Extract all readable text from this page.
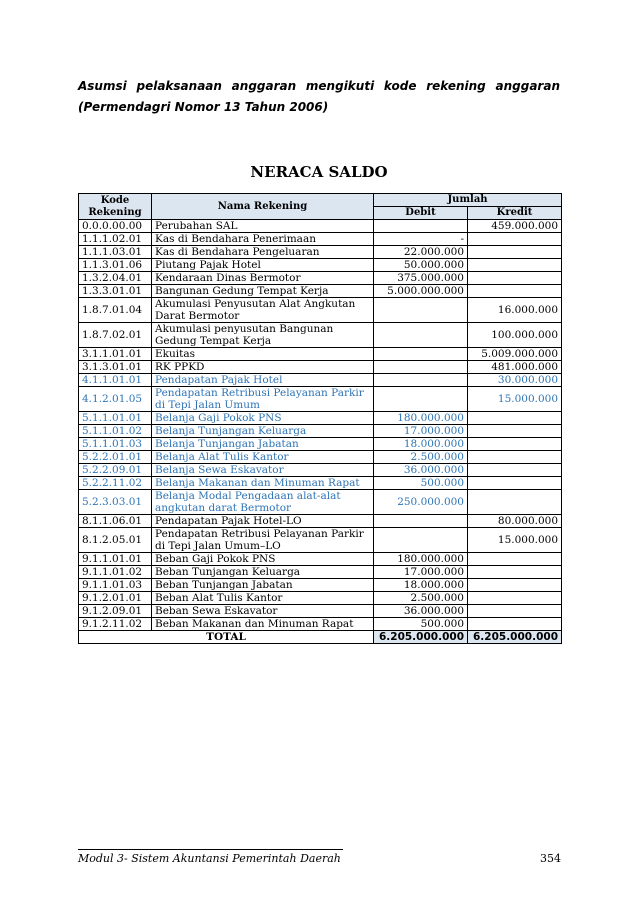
Asumsi pelaksanaan anggaran mengikuti kode rekening anggaran
(Permendagri Nomor 13 Tahun 2006)
NERACA SALDO
Kode
Rekening	Nama Rekening	Jumlah	
		Debit	Kredit
0.0.0.00.00	Perubahan SAL		459.000.000
1.1.1.02.01	Kas di Bendahara Penerimaan	-	
1.1.1.03.01	Kas di Bendahara Pengeluaran	22.000.000	
1.1.3.01.06	Piutang Pajak Hotel	50.000.000	
1.3.2.04.01	Kendaraan Dinas Bermotor	375.000.000	
1.3.3.01.01	Bangunan Gedung Tempat Kerja	5.000.000.000	
1.8.7.01.04	Akumulasi Penyusutan Alat Angkutan Darat Bermotor		16.000.000
1.8.7.02.01	Akumulasi penyusutan Bangunan Gedung Tempat Kerja		100.000.000
3.1.1.01.01	Ekuitas		5.009.000.000
3.1.3.01.01	RK PPKD		481.000.000
4.1.1.01.01	Pendapatan Pajak Hotel		30.000.000
4.1.2.01.05	Pendapatan Retribusi Pelayanan Parkir di Tepi Jalan Umum		15.000.000
5.1.1.01.01	Belanja Gaji Pokok PNS	180.000.000	
5.1.1.01.02	Belanja Tunjangan Keluarga	17.000.000	
5.1.1.01.03	Belanja Tunjangan Jabatan	18.000.000	
5.2.2.01.01	Belanja Alat Tulis Kantor	2.500.000	
5.2.2.09.01	Belanja Sewa Eskavator	36.000.000	
5.2.2.11.02	Belanja Makanan dan Minuman Rapat	500.000	
5.2.3.03.01	Belanja Modal Pengadaan alat-alat angkutan darat Bermotor	250.000.000	
8.1.1.06.01	Pendapatan Pajak Hotel-LO		80.000.000
8.1.2.05.01	Pendapatan Retribusi Pelayanan Parkir di Tepi Jalan Umum–LO		15.000.000
9.1.1.01.01	Beban Gaji Pokok PNS	180.000.000	
9.1.1.01.02	Beban Tunjangan Keluarga	17.000.000	
9.1.1.01.03	Beban Tunjangan Jabatan	18.000.000	
9.1.2.01.01	Beban Alat Tulis Kantor	2.500.000	
9.1.2.09.01	Beban Sewa Eskavator	36.000.000	
9.1.2.11.02	Beban Makanan dan Minuman Rapat	500.000	
TOTAL		6.205.000.000	6.205.000.000
Modul 3- Sistem Akuntansi Pemerintah Daerah	354
